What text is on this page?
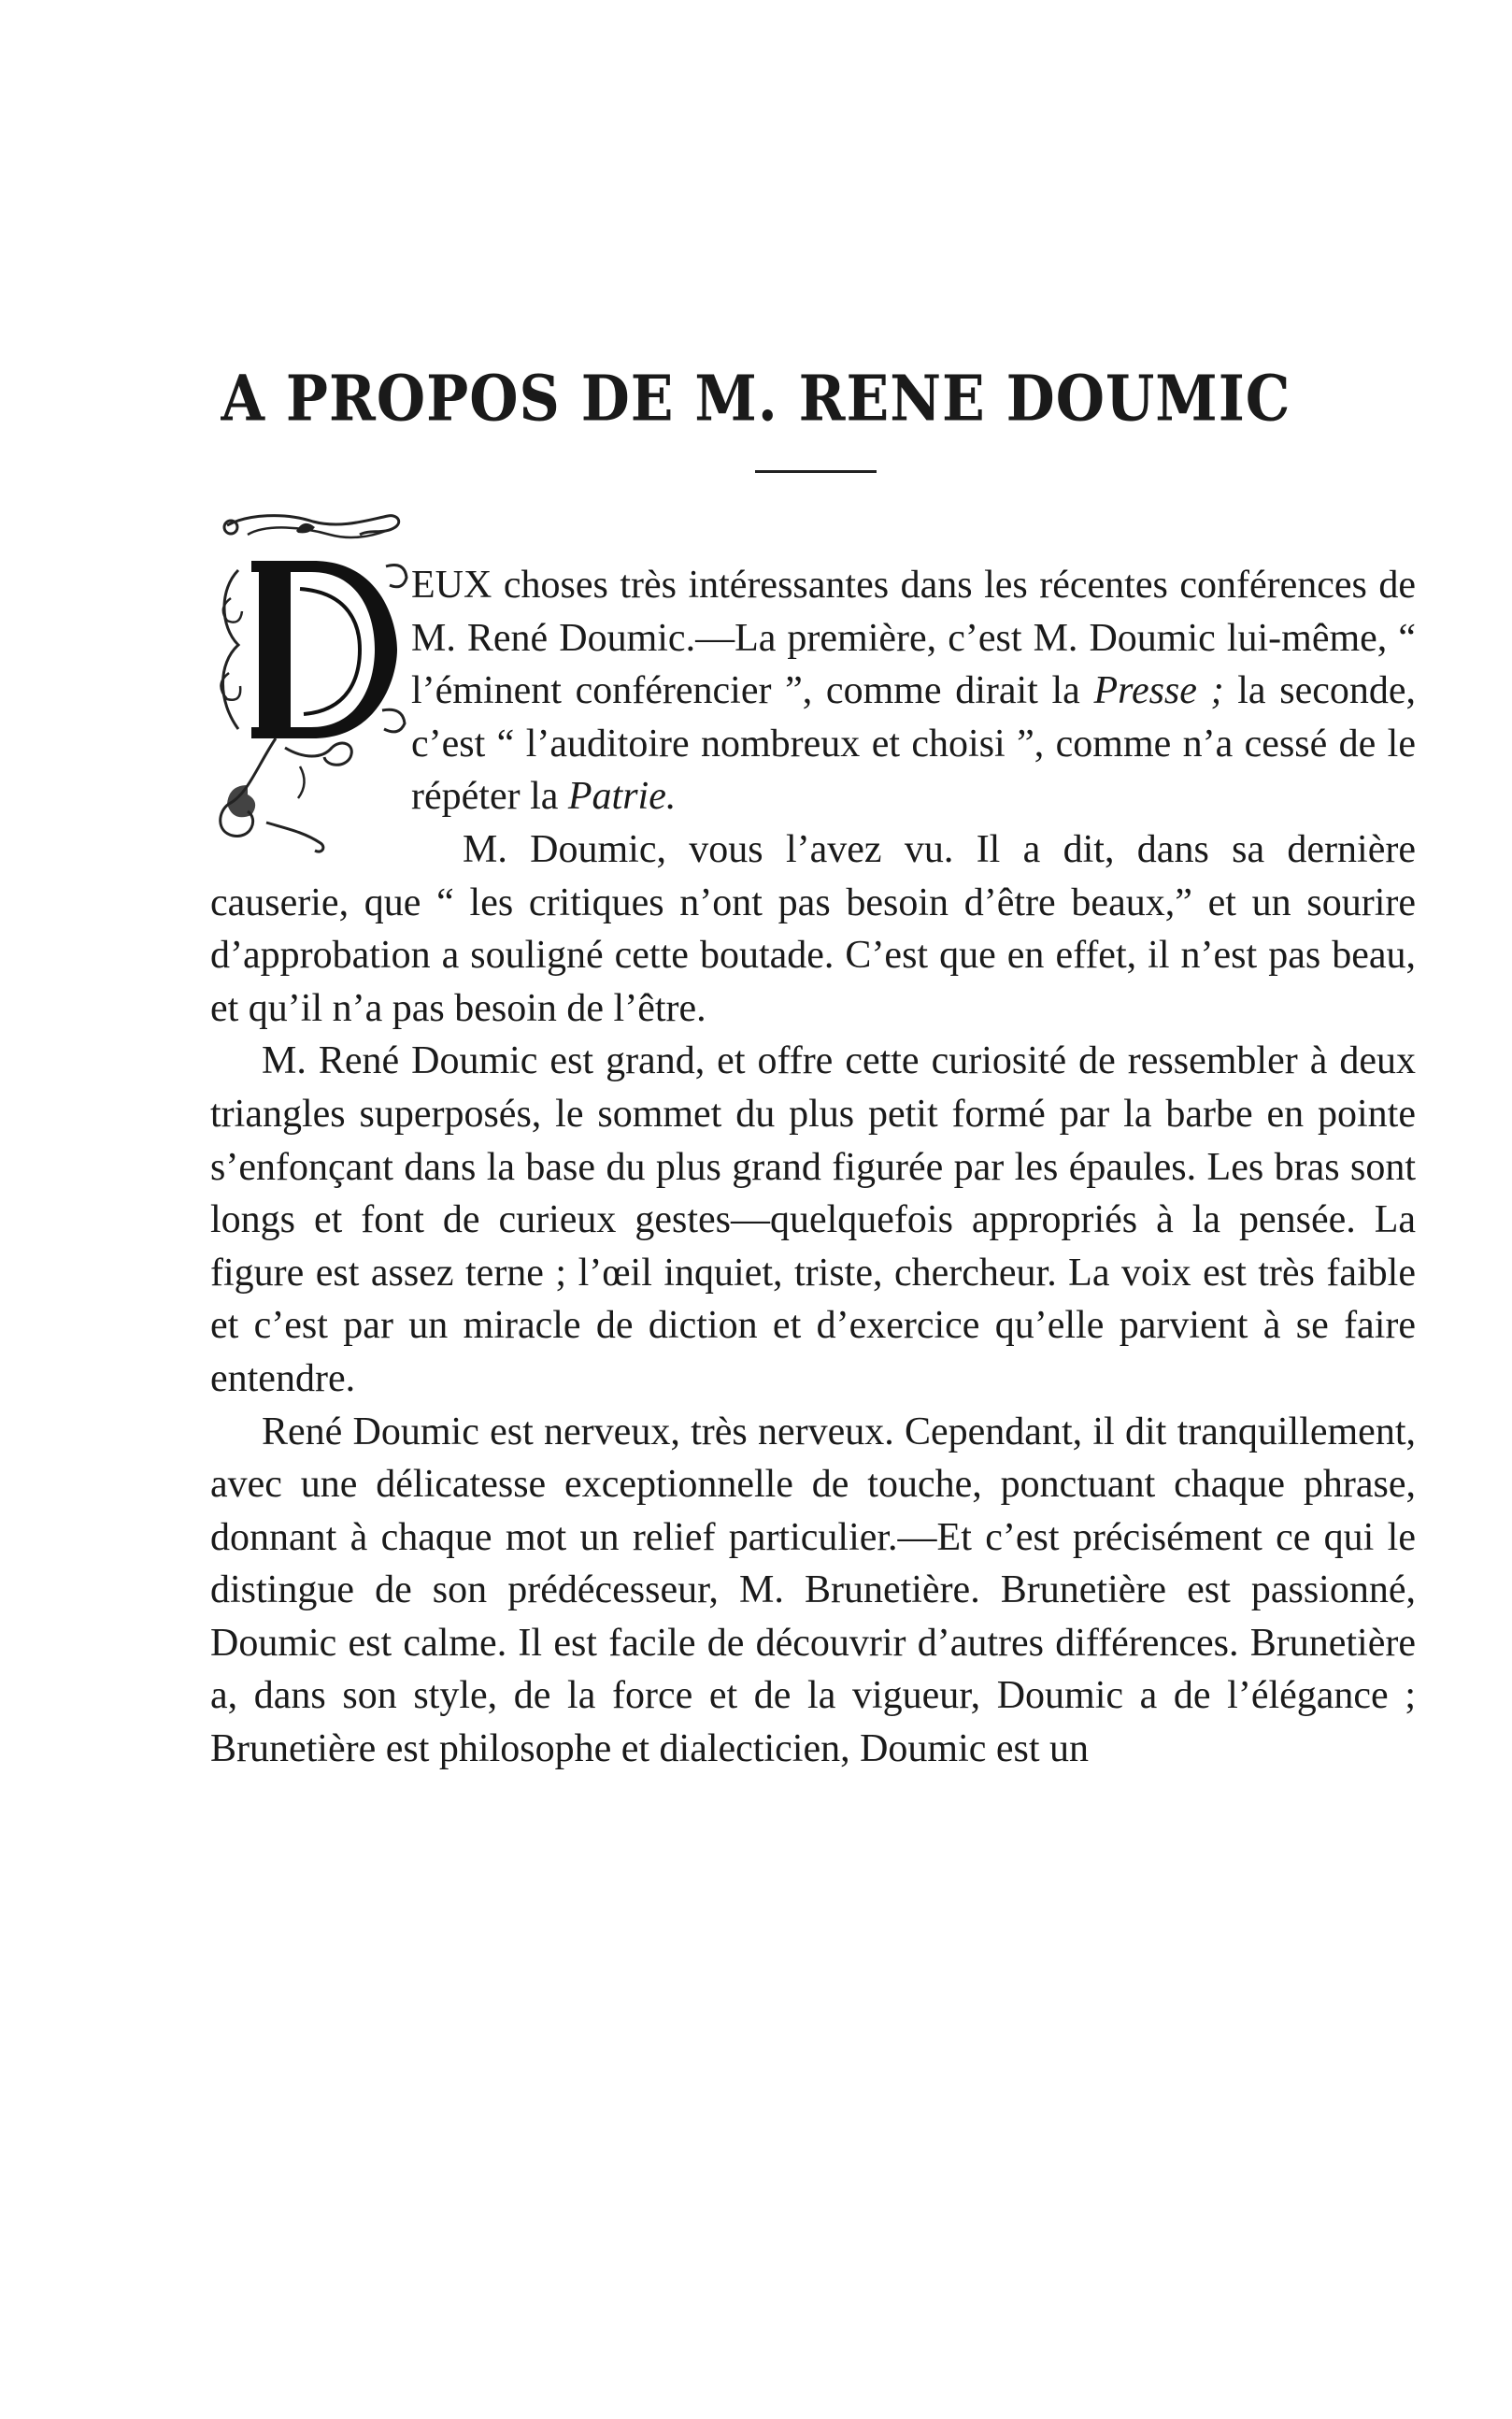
A PROPOS DE M. RENE DOUMIC

EUX choses très intéressantes dans les récentes conférences de M. René Doumic.—La première, c’est M. Doumic lui-même, “ l’éminent conférencier ”, comme dirait la Presse ; la seconde, c’est “ l’auditoire nombreux et choisi ”, comme n’a cessé de le répéter la Patrie.

M. Doumic, vous l’avez vu. Il a dit, dans sa dernière causerie, que “ les critiques n’ont pas besoin d’être beaux,” et un sourire d’approbation a souligné cette boutade. C’est que en effet, il n’est pas beau, et qu’il n’a pas besoin de l’être.

M. René Doumic est grand, et offre cette curiosité de ressembler à deux triangles superposés, le sommet du plus petit formé par la barbe en pointe s’enfonçant dans la base du plus grand figurée par les épaules. Les bras sont longs et font de curieux gestes—quelquefois appropriés à la pensée. La figure est assez terne ; l’œil inquiet, triste, chercheur. La voix est très faible et c’est par un miracle de diction et d’exercice qu’elle parvient à se faire entendre.

René Doumic est nerveux, très nerveux. Cependant, il dit tranquillement, avec une délicatesse exceptionnelle de touche, ponctuant chaque phrase, donnant à chaque mot un relief particulier.—Et c’est précisément ce qui le distingue de son prédécesseur, M. Brunetière. Brunetière est passionné, Doumic est calme. Il est facile de découvrir d’autres différences. Brunetière a, dans son style, de la force et de la vigueur, Doumic a de l’élégance ; Brunetière est philosophe et dialecticien, Doumic est un
